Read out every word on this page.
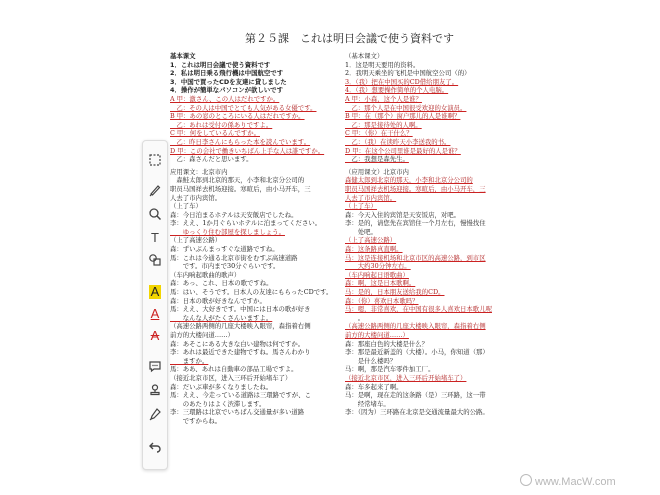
第２５課　これは明日会議で使う資料です
基本课文
1．これは明日会議で使う資料です
2．私は明日乗る飛行機は中国航空です
3．中国で買ったCDを友達に貸しました
4．操作が簡単なパソコンが欲しいです
A 甲：激さん、この人はだれですか。
　乙：その人は中国でとても人気がある女優です。
B 甲：あの窓のところにいる人はだれですか。
　乙：あれは受付の係ありですよ。
C 甲：何をしているんですか。
　乙：昨日李さんにもらった本を読んでいます。
D 甲：この会社で働きいちばん上手な人は誰ですか。
　乙：森さんだと思います。
应用课文：北京市内
　森鮭太郎到北京的那天，小李和北京分公司的
职员马国祥去机场迎接。寒暄后，由小马开车，三
人去了市内宾馆。
（上了车）
森：今日泊まるホテルは天安飯店でしたね。
李：ええ、1か月ぐらいホテルに泊まってください。
　　ゆっくり住む部屋を探しましょう。
（上了高速公路）
森：ずいぶんまっすぐな道路ですね。
馬：これは今通る北京市街をむすぶ高速道路
　　です。市内まで30分ぐらいです。
（车内响起歌曲的歌声）
森：あっ、これ、日本の歌ですね。
馬：はい、そうです。日本人の友達にもらったCDです。
森：日本の歌が好きなんですか。
馬：ええ、大好きです。中国には日本の歌が好き
　　なんな人がたくさんいますよ。
（高速公路两侧的几座大楼映入眼帘，森指着右侧
前方的大楼问道……）
森：あそこにある大きな白い建物は何ですか。
李：あれは最近できた建物ですね。馬さんわかり
　　ますか。
馬：ああ、あれは自動車の部品工場ですよ。
（接近北京市区，进入三环后开始堵车了）
森：だいぶ車が多くなりましたね。
馬：ええ、今走っている道路は三環路ですが、こ
　　のあたりはよく渋滞します。
李：三環路は北京でいちばん交通量が多い道路
　　ですからね。
（基本课文）
1．这是明天要用的资料。
2．我明天乘坐的飞机是中国航空公司（的）
3．（我）把在中国买的CD借给朋友了。
4．（我）想要操作简单的个人电脑。
A 甲：小森，这个人是谁？
　乙：那个人是在中国很受欢迎的女演员。
B 甲：在（那个）窗户那儿的人是谁啊？
　乙：那是接待处的人啊。
C 甲：（你）在干什么？
　乙：（我）在读昨天小李送我的书。
D 甲：在这个公司里谁是最好的人是谁？
　乙：我想是森先生。
（应用课文）北京市内
森健太郎到北京的那天，小李和北京分公司的
职员马国祥去机场迎接。寒暄后，由小马开车，三
人去了市内宾馆。
（上了车）
森：今天入住的宾馆是天安饭店，对吧。
李：是的，请您先在宾馆住一个月左右，慢慢找住
　　处吧。
（上了高速公路）
森：这条路真直啊。
马：这是连接机场和北京市区的高速公路，到市区
　　大约30分钟左右。
（车内响起日语歌曲）
森：啊，这是日本歌啊。
马：是的，日本朋友送给我的CD。
森：（你）喜欢日本歌吗？
马：嗯，非常喜欢，在中国有很多人喜欢日本歌儿呢
　　。
（高速公路两侧的几座大楼映入眼帘，森指着右侧
前方的大楼问道……）
森：那座白色的大楼是什么？
李：那是最近新盖的（大楼）。小马，你知道（那）
　　是什么楼吗？
马：啊，那是汽车零件加工厂。
（接近北京市区，进入三环后开始堵车了）
森：车多起来了啊。
马：是啊，现在走的这条路（是）三环路，这一带
　　经常堵车。
李：（因为）三环路在北京是交通流量最大的公路。
T
A
A
A
www.MacW.com
